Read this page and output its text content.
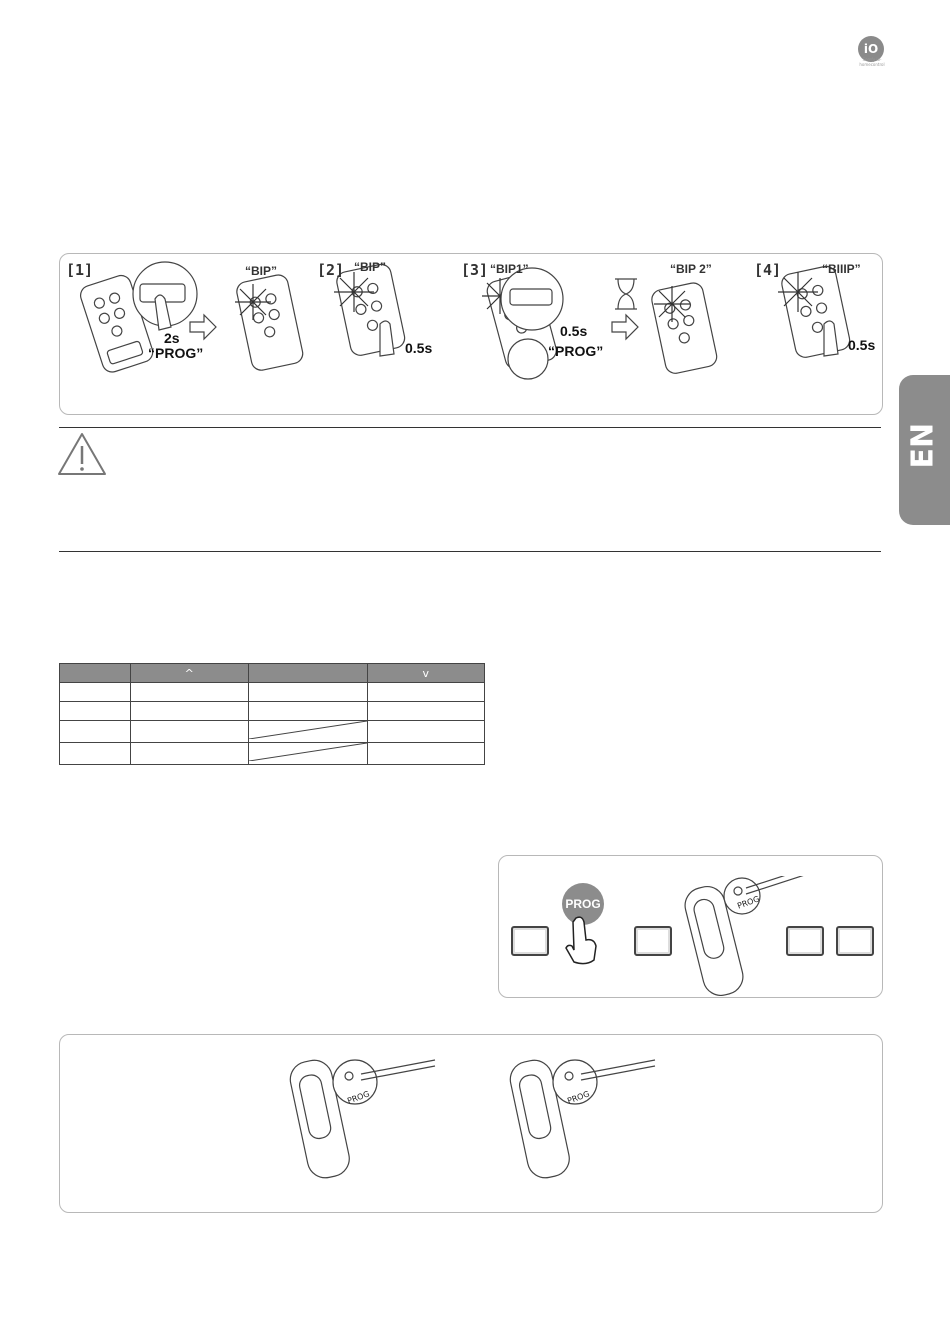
iO
Somfy io-homecontrol
EN
[1]
2s
“PROG”
“BIP”	[2] “BIP”
0.5s
[3] “BIP1”
0.5s
“PROG”
“BIP 2”	[4]	“BIIIP”
0.5s
	^		v

PROG	PROG
PROG	PROG
